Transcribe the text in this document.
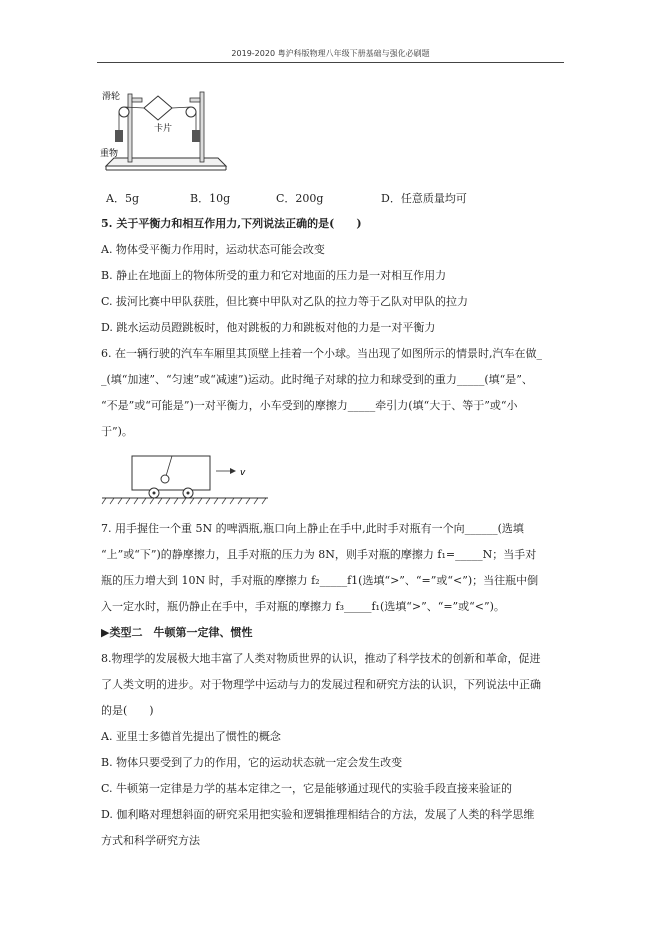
2019-2020 粤沪科版物理八年级下册基础与强化必刷题
滑轮
卡片
重物
A．5g	B．10g	C．200g	D．任意质量均可
5. 关于平衡力和相互作用力,下列说法正确的是(　　)
A. 物体受平衡力作用时，运动状态可能会改变
B. 静止在地面上的物体所受的重力和它对地面的压力是一对相互作用力
C. 拔河比赛中甲队获胜，但比赛中甲队对乙队的拉力等于乙队对甲队的拉力
D. 跳水运动员蹬跳板时，他对跳板的力和跳板对他的力是一对平衡力
6. 在一辆行驶的汽车车厢里其顶壁上挂着一个小球。当出现了如图所示的情景时,汽车在做_
_(填“加速”、“匀速”或“减速”)运动。此时绳子对球的拉力和球受到的重力_____(填“是”、
“不是”或“可能是”)一对平衡力，小车受到的摩擦力_____牵引力(填“大于、等于”或“小
于”)。
v
7. 用手握住一个重 5N 的啤酒瓶,瓶口向上静止在手中,此时手对瓶有一个向______(选填
“上”或“下”)的静摩擦力，且手对瓶的压力为 8N，则手对瓶的摩擦力 f₁=_____N；当手对
瓶的压力增大到 10N 时，手对瓶的摩擦力 f₂_____f1(选填“>”、“=”或“<”)；当往瓶中倒
入一定水时，瓶仍静止在手中，手对瓶的摩擦力 f₃_____f₁(选填“>”、“=”或“<”)。
▶类型二　牛顿第一定律、惯性
8.物理学的发展极大地丰富了人类对物质世界的认识，推动了科学技术的创新和革命，促进
了人类文明的进步。对于物理学中运动与力的发展过程和研究方法的认识，下列说法中正确
的是(　　)
A. 亚里士多德首先提出了惯性的概念
B. 物体只要受到了力的作用，它的运动状态就一定会发生改变
C. 牛顿第一定律是力学的基本定律之一，它是能够通过现代的实验手段直接来验证的
D. 伽利略对理想斜面的研究采用把实验和逻辑推理相结合的方法，发展了人类的科学思维
方式和科学研究方法
